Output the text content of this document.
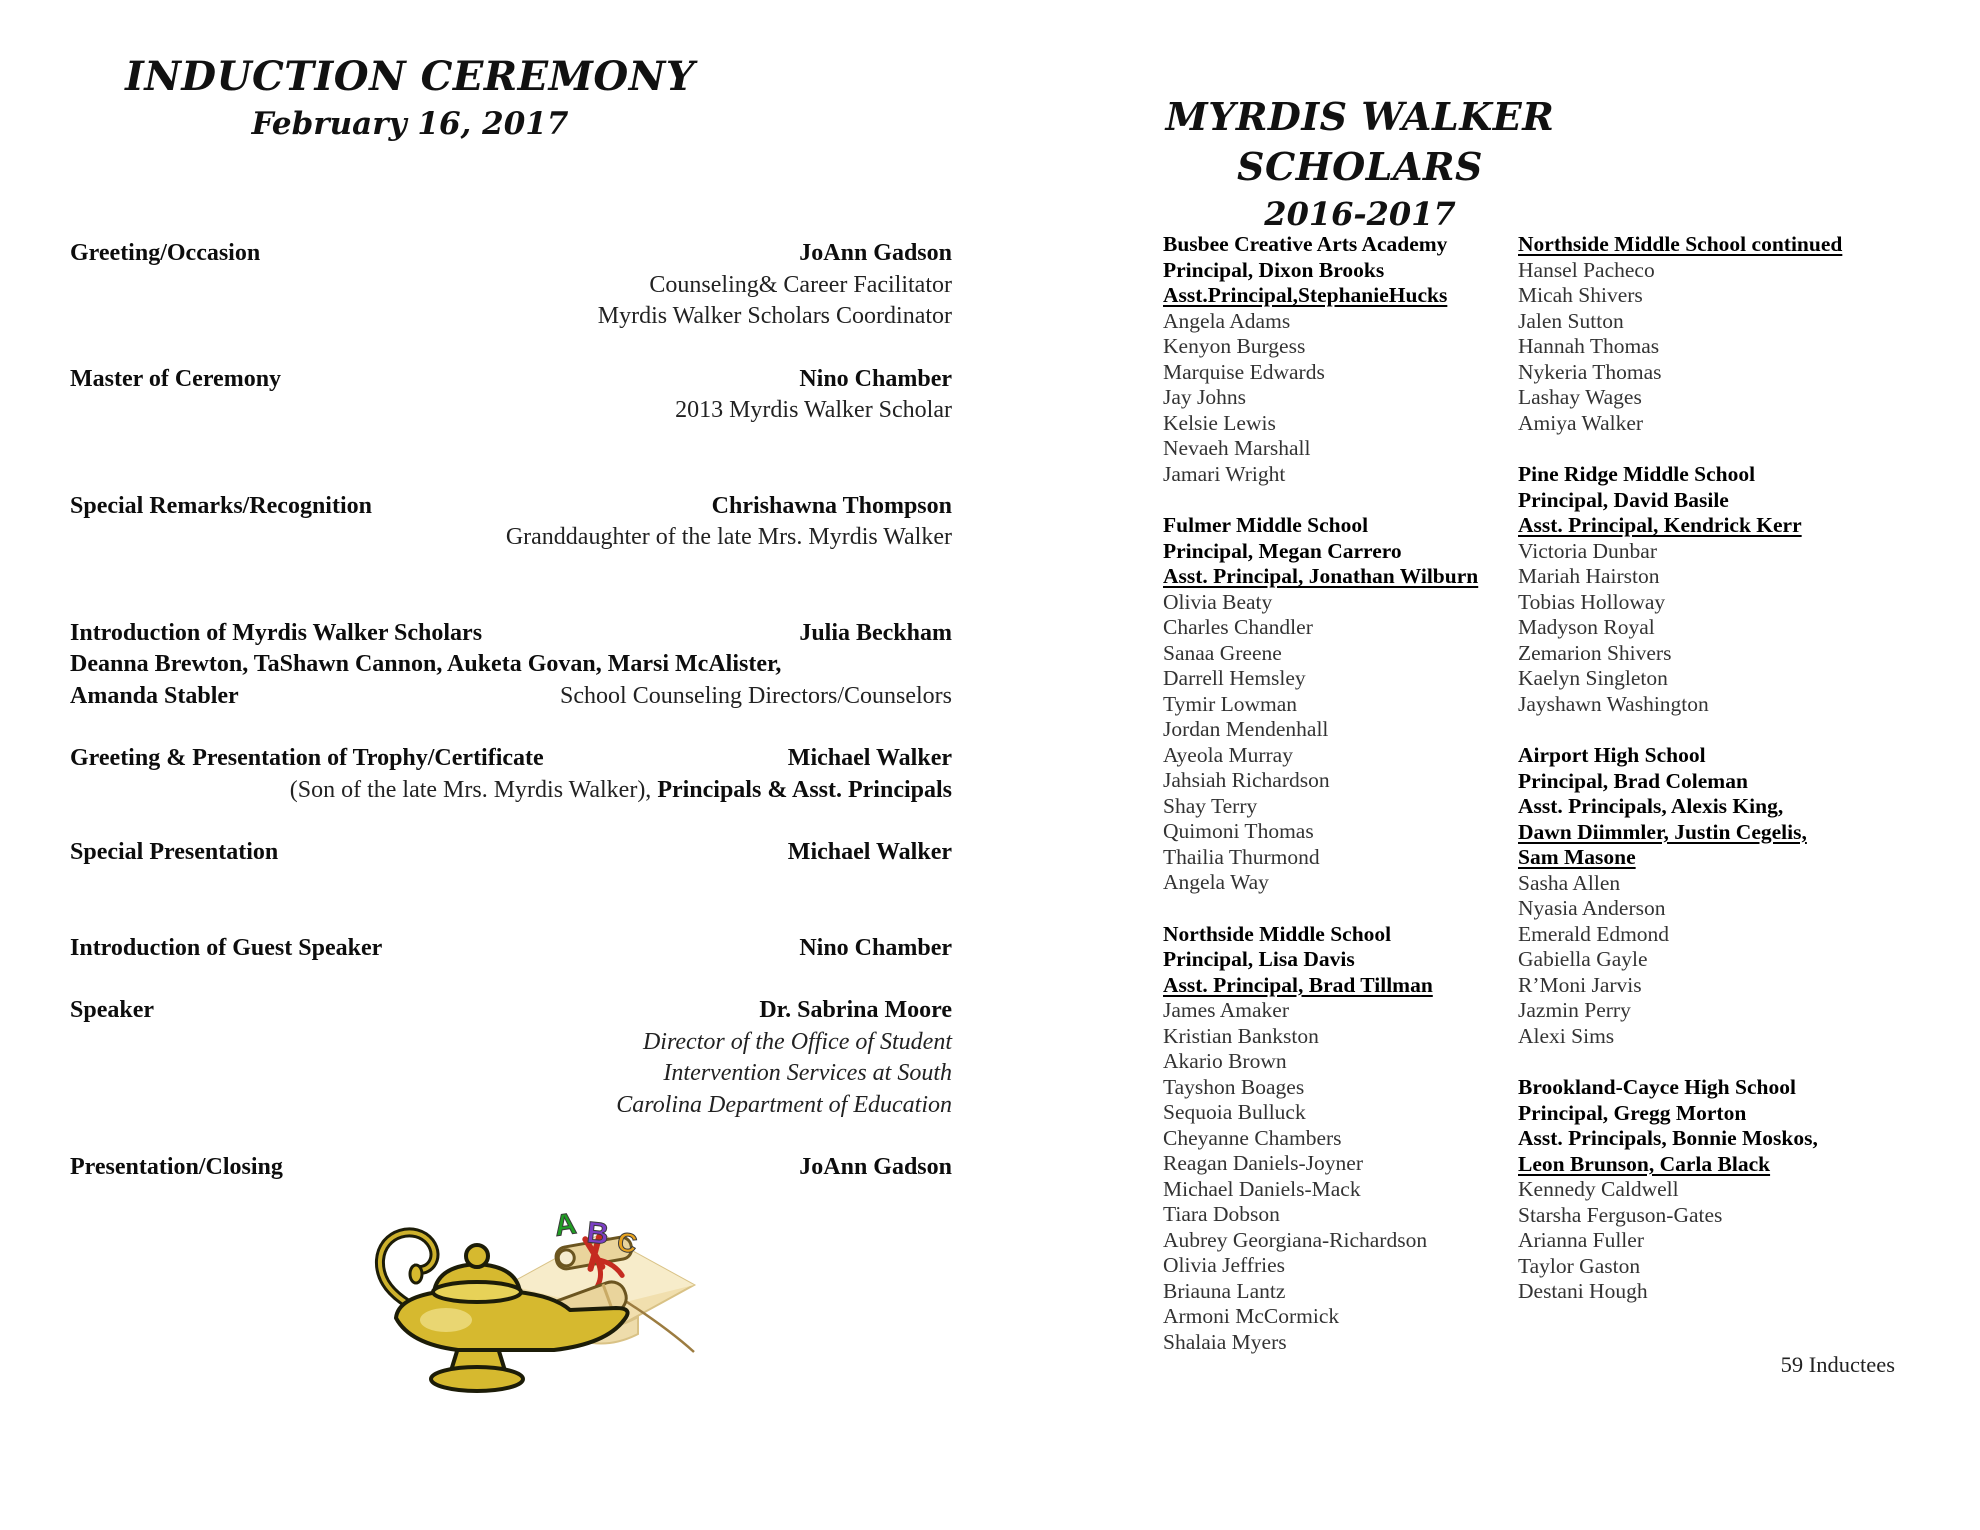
INDUCTION CEREMONY
February 16, 2017
Greeting/Occasion	JoAnn Gadson
Counseling& Career Facilitator
Myrdis Walker Scholars Coordinator
Master of Ceremony	Nino Chamber
2013 Myrdis Walker Scholar
Special Remarks/Recognition	Chrishawna Thompson
Granddaughter of the late Mrs. Myrdis Walker
Introduction of Myrdis Walker Scholars	Julia Beckham
Deanna Brewton, TaShawn Cannon, Auketa Govan, Marsi McAlister,
Amanda Stabler	School Counseling Directors/Counselors
Greeting & Presentation of Trophy/Certificate	Michael Walker
(Son of the late Mrs. Myrdis Walker), Principals & Asst. Principals
Special Presentation	Michael Walker
Introduction of Guest Speaker	Nino Chamber
Speaker	Dr. Sabrina Moore
Director of the Office of Student
Intervention Services at South
Carolina Department of Education
Presentation/Closing	JoAnn Gadson
A B C
MYRDIS WALKER SCHOLARS
2016-2017
Busbee Creative Arts Academy
Principal, Dixon Brooks
Asst.Principal,StephanieHucks
Angela Adams
Kenyon Burgess
Marquise Edwards
Jay Johns
Kelsie Lewis
Nevaeh Marshall
Jamari Wright
Fulmer Middle School
Principal, Megan Carrero
Asst. Principal, Jonathan Wilburn
Olivia Beaty
Charles Chandler
Sanaa Greene
Darrell Hemsley
Tymir Lowman
Jordan Mendenhall
Ayeola Murray
Jahsiah Richardson
Shay Terry
Quimoni Thomas
Thailia Thurmond
Angela Way
Northside Middle School
Principal, Lisa Davis
Asst. Principal, Brad Tillman
James Amaker
Kristian Bankston
Akario Brown
Tayshon Boages
Sequoia Bulluck
Cheyanne Chambers
Reagan Daniels-Joyner
Michael Daniels-Mack
Tiara Dobson
Aubrey Georgiana-Richardson
Olivia Jeffries
Briauna Lantz
Armoni McCormick
Shalaia Myers
Northside Middle School continued
Hansel Pacheco
Micah Shivers
Jalen Sutton
Hannah Thomas
Nykeria Thomas
Lashay Wages
Amiya Walker
Pine Ridge Middle School
Principal, David Basile
Asst. Principal, Kendrick Kerr
Victoria Dunbar
Mariah Hairston
Tobias Holloway
Madyson Royal
Zemarion Shivers
Kaelyn Singleton
Jayshawn Washington
Airport High School
Principal, Brad Coleman
Asst. Principals, Alexis King,
Dawn Diimmler, Justin Cegelis,
Sam Masone
Sasha Allen
Nyasia Anderson
Emerald Edmond
Gabiella Gayle
R’Moni Jarvis
Jazmin Perry
Alexi Sims
Brookland-Cayce High School
Principal, Gregg Morton
Asst. Principals, Bonnie Moskos,
Leon Brunson, Carla Black
Kennedy Caldwell
Starsha Ferguson-Gates
Arianna Fuller
Taylor Gaston
Destani Hough
59 Inductees
